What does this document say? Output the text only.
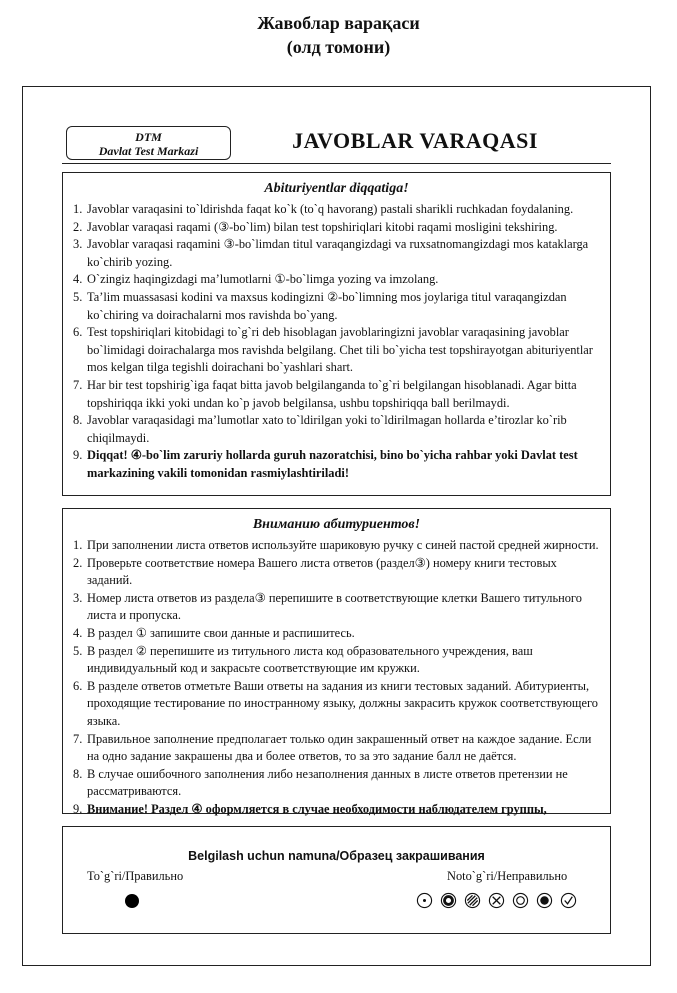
Жавоблар варақаси
(олд томони)
DTM
Davlat Test Markazi	JAVOBLAR VARAQASI
Abituriyentlar diqqatiga!
1. Javoblar varaqasini to`ldirishda faqat ko`k (to`q havorang) pastali sharikli ruchkadan foydalaning.
2. Javoblar varaqasi raqami (③-bo`lim) bilan test topshiriqlari kitobi raqami mosligini tekshiring.
3. Javoblar varaqasi raqamini ③-bo`limdan titul varaqangizdagi va ruxsatnomangizdagi mos kataklarga ko`chirib yozing.
4. O`zingiz haqingizdagi ma’lumotlarni ①-bo`limga yozing va imzolang.
5. Ta’lim muassasasi kodini va maxsus kodingizni ②-bo`limning mos joylariga titul varaqangizdan ko`chiring va doirachalarni mos ravishda bo`yang.
6. Test topshiriqlari kitobidagi to`g`ri deb hisoblagan javoblaringizni javoblar varaqasining javoblar bo`limidagi doirachalarga mos ravishda belgilang. Chet tili bo`yicha test topshirayotgan abituriyentlar mos kelgan tilga tegishli doirachani bo`yashlari shart.
7. Har bir test topshirig`iga faqat bitta javob belgilanganda to`g`ri belgilangan hisoblanadi. Agar bitta topshiriqqa ikki yoki undan ko`p javob belgilansa, ushbu topshiriqqa ball berilmaydi.
8. Javoblar varaqasidagi ma’lumotlar xato to`ldirilgan yoki to`ldirilmagan hollarda e’tirozlar ko`rib chiqilmaydi.
9. Diqqat! ④-bo`lim zaruriy hollarda guruh nazoratchisi, bino bo`yicha rahbar yoki Davlat test markazining vakili tomonidan rasmiylashtiriladi!
Вниманию абитуриентов!
1. При заполнении листа ответов используйте шариковую ручку с синей пастой средней жирности.
2. Проверьте соответствие номера Вашего листа ответов (раздел③) номеру книги тестовых заданий.
3. Номер листа ответов из раздела③ перепишите в соответствующие клетки Вашего титульного листа и пропуска.
4. В раздел ① запишите свои данные и распишитесь.
5. В раздел ② перепишите из титульного листа код образовательного учреждения, ваш индивидуальный код и закрасьте соответствующие им кружки.
6. В разделе ответов отметьте Ваши ответы на задания из книги тестовых заданий. Абитуриенты, проходящие тестирование по иностранному языку, должны закрасить кружок соответствующего языка.
7. Правильное заполнение предполагает только один закрашенный ответ на каждое задание. Если на одно задание закрашены два и более ответов, то за это задание балл не даётся.
8. В случае ошибочного заполнения либо незаполнения данных в листе ответов претензии не рассматриваются.
9. Внимание! Раздел ④ оформляется в случае необходимости наблюдателем группы,
Belgilash uchun namuna/Образец закрашивания
To`g`ri/Правильно	Noto`g`ri/Неправильно
